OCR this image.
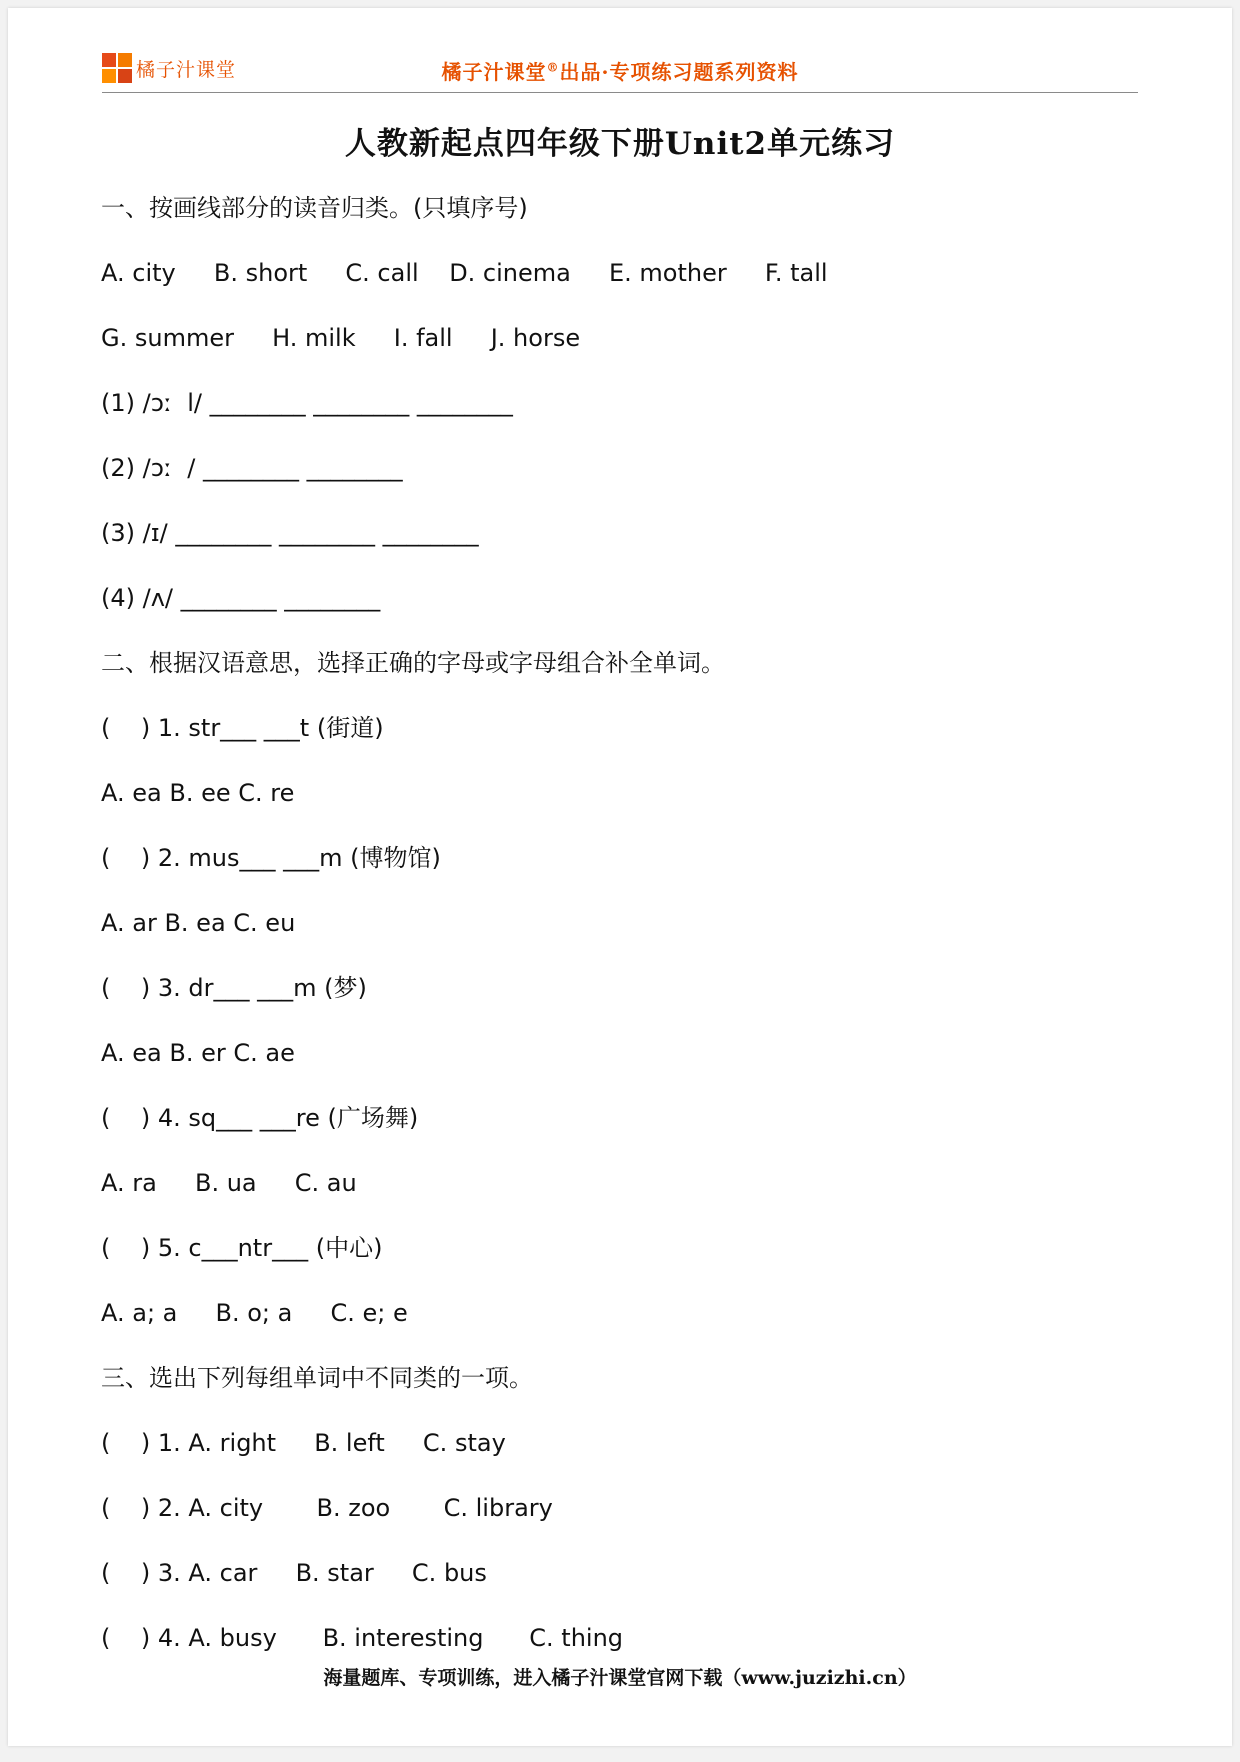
橘子汁课堂	橘子汁课堂®出品·专项练习题系列资料
人教新起点四年级下册Unit2单元练习
一、按画线部分的读音归类。(只填序号)
A. city     B. short     C. call    D. cinema     E. mother     F. tall
G. summer     H. milk     I. fall     J. horse
(1) /ɔː  l/ ________ ________ ________
(2) /ɔː  / ________ ________
(3) /ɪ/ ________ ________ ________
(4) /ʌ/ ________ ________
二、根据汉语意思，选择正确的字母或字母组合补全单词。
(    ) 1. str___ ___t (街道)
A. ea B. ee C. re
(    ) 2. mus___ ___m (博物馆)
A. ar B. ea C. eu
(    ) 3. dr___ ___m (梦)
A. ea B. er C. ae
(    ) 4. sq___ ___re (广场舞)
A. ra     B. ua     C. au
(    ) 5. c___ntr___ (中心)
A. a; a     B. o; a     C. e; e
三、选出下列每组单词中不同类的一项。
(    ) 1. A. right     B. left     C. stay
(    ) 2. A. city       B. zoo       C. library
(    ) 3. A. car     B. star     C. bus
(    ) 4. A. busy      B. interesting      C. thing
海量题库、专项训练，进入橘子汁课堂官网下载（www.juzizhi.cn）
